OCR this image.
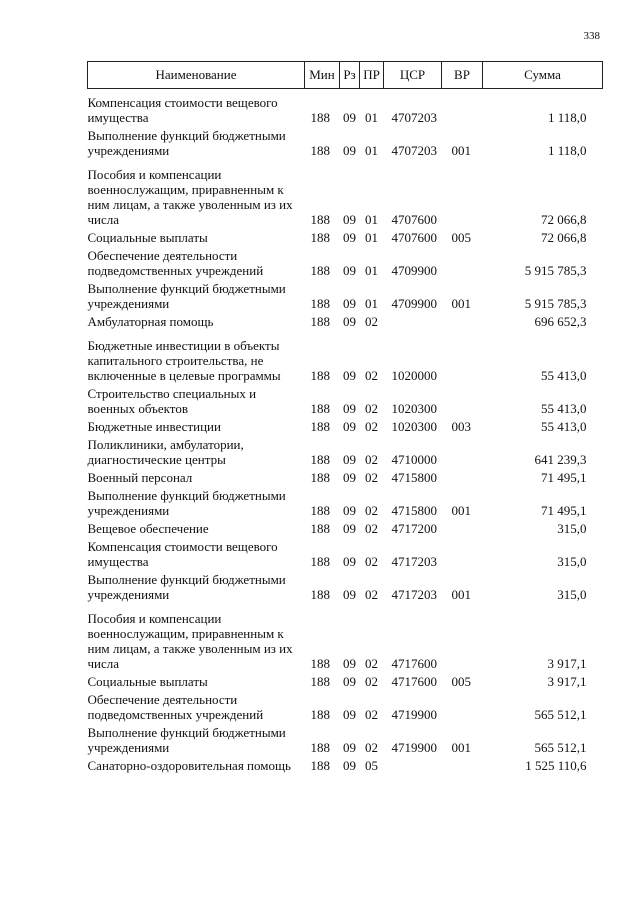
338
Наименование	Мин	Рз	ПР	ЦСР	ВР	Сумма
Компенсация стоимости вещевого имущества	188	09	01	4707203		1 118,0
Выполнение функций бюджетными учреждениями	188	09	01	4707203	001	1 118,0
Пособия и компенсации военнослужащим, приравненным к ним лицам, а также уволенным из их числа	188	09	01	4707600		72 066,8
Социальные выплаты	188	09	01	4707600	005	72 066,8
Обеспечение деятельности подведомственных учреждений	188	09	01	4709900		5 915 785,3
Выполнение функций бюджетными учреждениями	188	09	01	4709900	001	5 915 785,3
Амбулаторная помощь	188	09	02			696 652,3
Бюджетные инвестиции в объекты капитального строительства, не включенные в целевые программы	188	09	02	1020000		55 413,0
Строительство специальных и военных объектов	188	09	02	1020300		55 413,0
Бюджетные инвестиции	188	09	02	1020300	003	55 413,0
Поликлиники, амбулатории, диагностические центры	188	09	02	4710000		641 239,3
Военный персонал	188	09	02	4715800		71 495,1
Выполнение функций бюджетными учреждениями	188	09	02	4715800	001	71 495,1
Вещевое обеспечение	188	09	02	4717200		315,0
Компенсация стоимости вещевого имущества	188	09	02	4717203		315,0
Выполнение функций бюджетными учреждениями	188	09	02	4717203	001	315,0
Пособия и компенсации военнослужащим, приравненным к ним лицам, а также уволенным из их числа	188	09	02	4717600		3 917,1
Социальные выплаты	188	09	02	4717600	005	3 917,1
Обеспечение деятельности подведомственных учреждений	188	09	02	4719900		565 512,1
Выполнение функций бюджетными учреждениями	188	09	02	4719900	001	565 512,1
Санаторно-оздоровительная помощь	188	09	05			1 525 110,6
